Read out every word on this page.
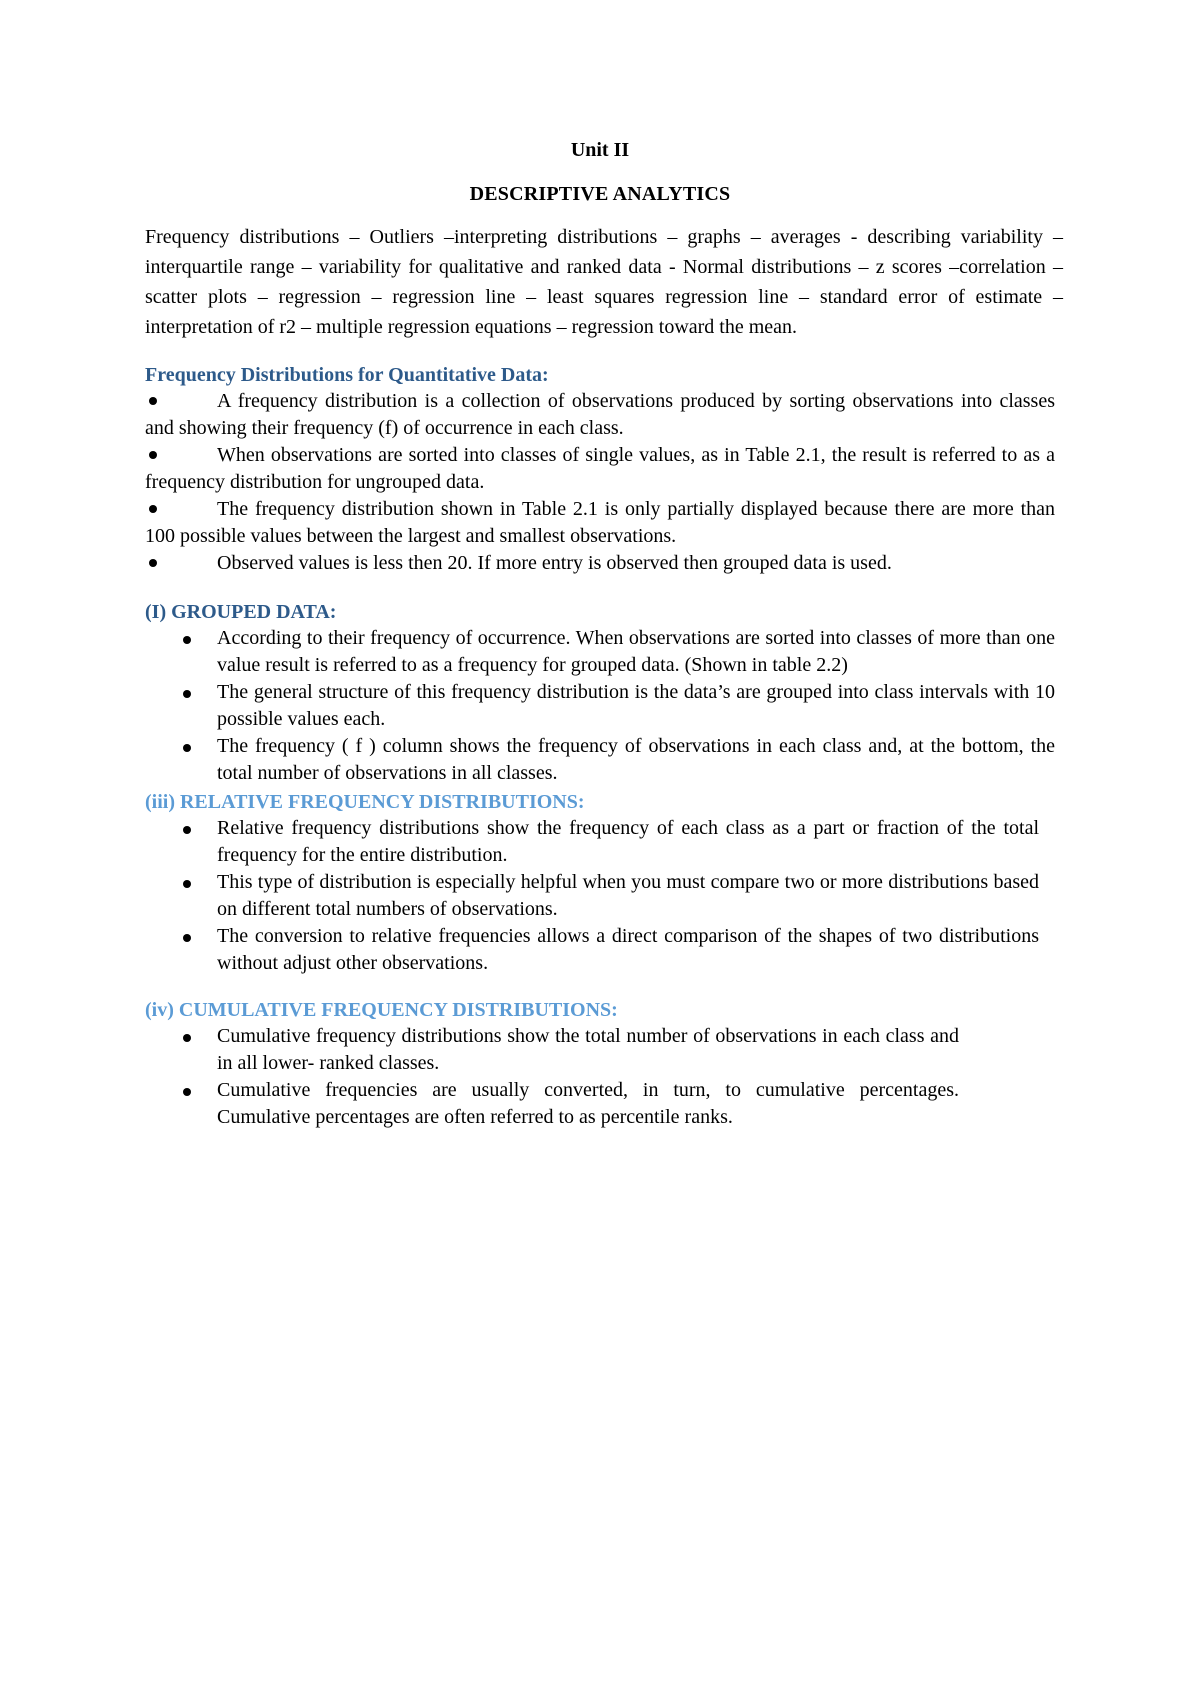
Unit II

DESCRIPTIVE ANALYTICS

Frequency distributions – Outliers –interpreting distributions – graphs – averages - describing variability – interquartile range – variability for qualitative and ranked data - Normal distributions – z scores –correlation – scatter plots – regression – regression line – least squares regression line – standard error of estimate – interpretation of r2 – multiple regression equations – regression toward the mean.

Frequency Distributions for Quantitative Data:
A frequency distribution is a collection of observations produced by sorting observations into classes and showing their frequency (f) of occurrence in each class.
When observations are sorted into classes of single values, as in Table 2.1, the result is referred to as a frequency distribution for ungrouped data.
The frequency distribution shown in Table 2.1 is only partially displayed because there are more than 100 possible values between the largest and smallest observations.
Observed values is less then 20. If more entry is observed then grouped data is used.
(I) GROUPED DATA:
According to their frequency of occurrence. When observations are sorted into classes of more than one value result is referred to as a frequency for grouped data. (Shown in table 2.2)
The general structure of this frequency distribution is the data’s are grouped into class intervals with 10 possible values each.
The frequency ( f ) column shows the frequency of observations in each class and, at the bottom, the total number of observations in all classes.
(iii) RELATIVE FREQUENCY DISTRIBUTIONS:
Relative frequency distributions show the frequency of each class as a part or fraction of the total frequency for the entire distribution.
This type of distribution is especially helpful when you must compare two or more distributions based on different total numbers of observations.
The conversion to relative frequencies allows a direct comparison of the shapes of two distributions without adjust other observations.
(iv) CUMULATIVE FREQUENCY DISTRIBUTIONS:
Cumulative frequency distributions show the total number of observations in each class and in all lower- ranked classes.
Cumulative frequencies are usually converted, in turn, to cumulative percentages. Cumulative percentages are often referred to as percentile ranks.
